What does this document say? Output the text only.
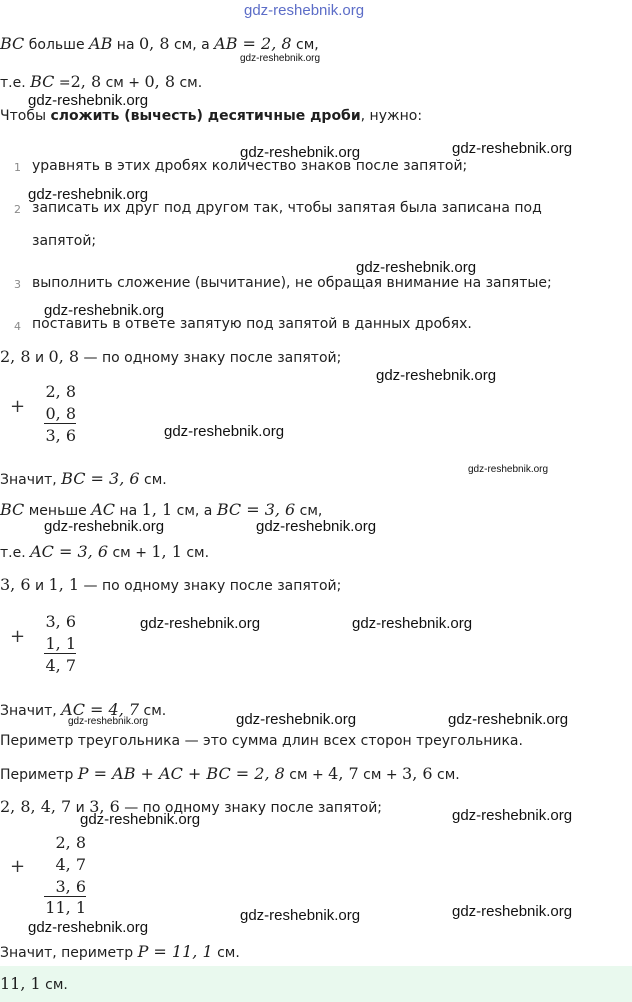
gdz-reshebnik.org
BC больше AB на 0, 8 см, а AB = 2, 8 см,
gdz-reshebnik.org
т.е. BC =2, 8 см + 0, 8 см.
gdz-reshebnik.org
Чтобы сложить (вычесть) десятичные дроби, нужно:
gdz-reshebnik.org
gdz-reshebnik.org
1 уравнять в этих дробях количество знаков после запятой;
gdz-reshebnik.org
2 записать их друг под другом так, чтобы запятая была записана под
запятой;
gdz-reshebnik.org
3 выполнить сложение (вычитание), не обращая внимание на запятые;
gdz-reshebnik.org
4 поставить в ответе запятую под запятой в данных дробях.
2, 8 и 0, 8 — по одному знаку после запятой;
gdz-reshebnik.org
+
2, 8
0, 8
3, 6	gdz-reshebnik.org
Значит, BC = 3, 6 см.
gdz-reshebnik.org
BC меньше AC на 1, 1 см, а BC = 3, 6 см,
gdz-reshebnik.org	gdz-reshebnik.org
т.е. AC = 3, 6 см + 1, 1 см.
3, 6 и 1, 1 — по одному знаку после запятой;
+
3, 6
1, 1
4, 7
gdz-reshebnik.org	gdz-reshebnik.org
Значит, AC = 4, 7 см.
gdz-reshebnik.org	gdz-reshebnik.org	gdz-reshebnik.org
Периметр треугольника — это сумма длин всех сторон треугольника.
Периметр P = AB + AC + BC = 2, 8 см + 4, 7 см + 3, 6 см.
2, 8, 4, 7 и 3, 6 — по одному знаку после запятой;
gdz-reshebnik.org	gdz-reshebnik.org
+
2, 8
4, 7
3, 6
11, 1
gdz-reshebnik.org
gdz-reshebnik.org	gdz-reshebnik.org
Значит, периметр P = 11, 1 см.
11, 1 см.
